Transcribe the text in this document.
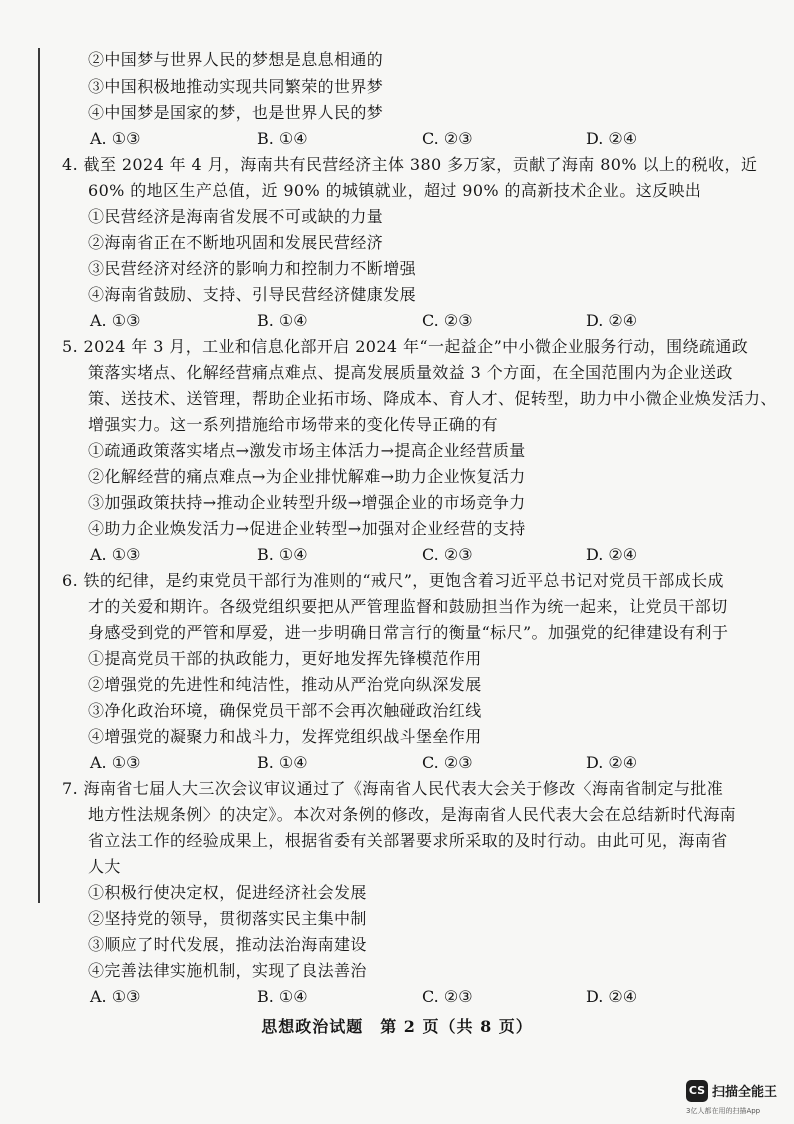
②中国梦与世界人民的梦想是息息相通的
③中国积极地推动实现共同繁荣的世界梦
④中国梦是国家的梦，也是世界人民的梦
A. ①③	B. ①④	C. ②③	D. ②④
4. 截至 2024 年 4 月，海南共有民营经济主体 380 多万家，贡献了海南 80% 以上的税收，近
60% 的地区生产总值，近 90% 的城镇就业，超过 90% 的高新技术企业。这反映出
①民营经济是海南省发展不可或缺的力量
②海南省正在不断地巩固和发展民营经济
③民营经济对经济的影响力和控制力不断增强
④海南省鼓励、支持、引导民营经济健康发展
A. ①③	B. ①④	C. ②③	D. ②④
5. 2024 年 3 月，工业和信息化部开启 2024 年“一起益企”中小微企业服务行动，围绕疏通政
策落实堵点、化解经营痛点难点、提高发展质量效益 3 个方面，在全国范围内为企业送政
策、送技术、送管理，帮助企业拓市场、降成本、育人才、促转型，助力中小微企业焕发活力、
增强实力。这一系列措施给市场带来的变化传导正确的有
①疏通政策落实堵点→激发市场主体活力→提高企业经营质量
②化解经营的痛点难点→为企业排忧解难→助力企业恢复活力
③加强政策扶持→推动企业转型升级→增强企业的市场竞争力
④助力企业焕发活力→促进企业转型→加强对企业经营的支持
A. ①③	B. ①④	C. ②③	D. ②④
6. 铁的纪律，是约束党员干部行为准则的“戒尺”，更饱含着习近平总书记对党员干部成长成
才的关爱和期许。各级党组织要把从严管理监督和鼓励担当作为统一起来，让党员干部切
身感受到党的严管和厚爱，进一步明确日常言行的衡量“标尺”。加强党的纪律建设有利于
①提高党员干部的执政能力，更好地发挥先锋模范作用
②增强党的先进性和纯洁性，推动从严治党向纵深发展
③净化政治环境，确保党员干部不会再次触碰政治红线
④增强党的凝聚力和战斗力，发挥党组织战斗堡垒作用
A. ①③	B. ①④	C. ②③	D. ②④
7. 海南省七届人大三次会议审议通过了《海南省人民代表大会关于修改〈海南省制定与批准
地方性法规条例〉的决定》。本次对条例的修改，是海南省人民代表大会在总结新时代海南
省立法工作的经验成果上，根据省委有关部署要求所采取的及时行动。由此可见，海南省
人大
①积极行使决定权，促进经济社会发展
②坚持党的领导，贯彻落实民主集中制
③顺应了时代发展，推动法治海南建设
④完善法律实施机制，实现了良法善治
A. ①③	B. ①④	C. ②③	D. ②④
思想政治试题　第 2 页（共 8 页）
CS 扫描全能王
3亿人都在用的扫描App
